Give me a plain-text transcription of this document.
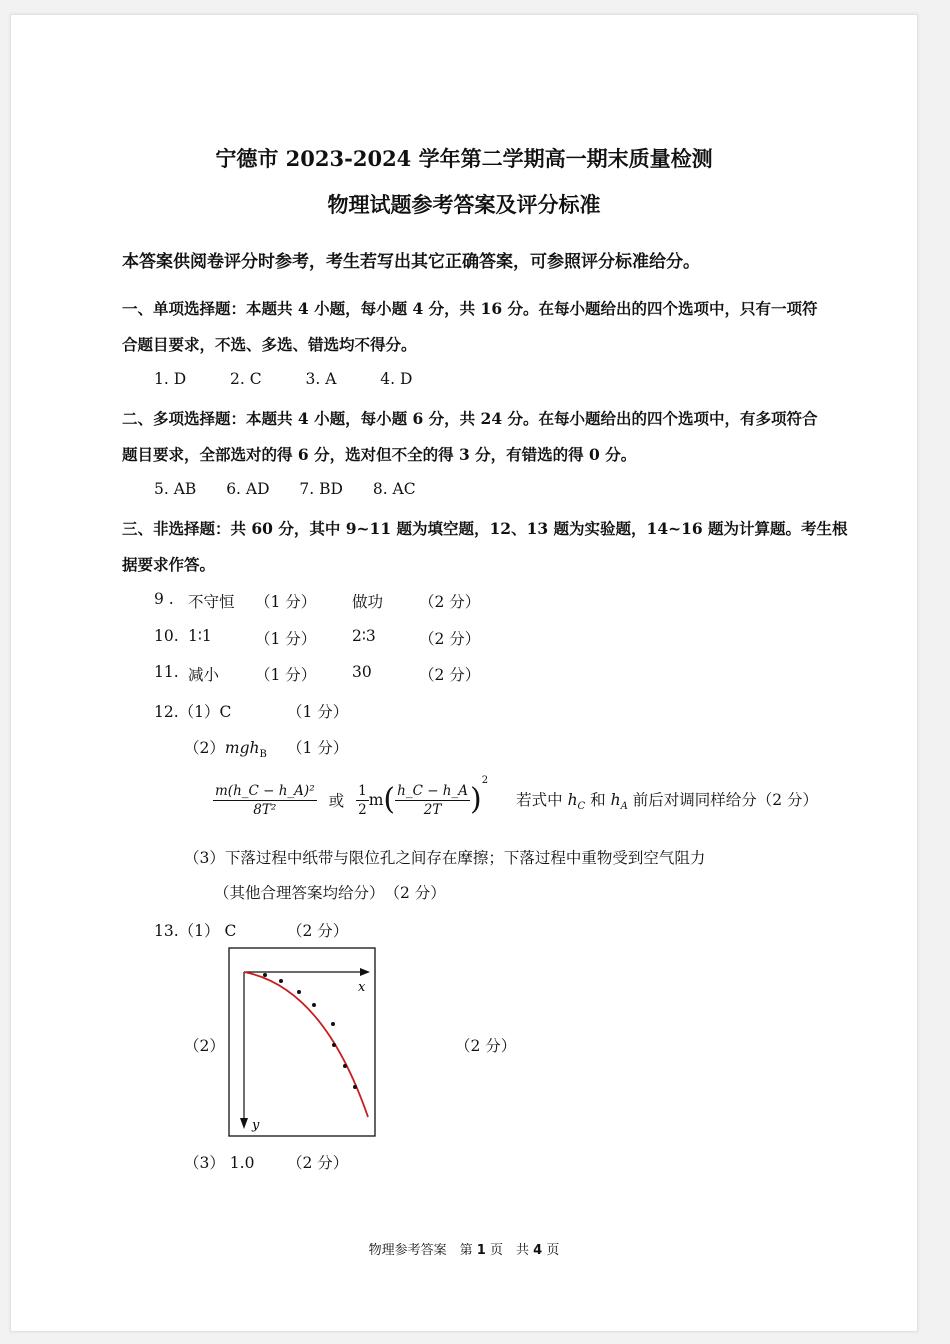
宁德市 2023-2024 学年第二学期高一期末质量检测
物理试题参考答案及评分标准
本答案供阅卷评分时参考，考生若写出其它正确答案，可参照评分标准给分。
一、单项选择题：本题共 4 小题，每小题 4 分，共 16 分。在每小题给出的四个选项中，只有一项符
合题目要求，不选、多选、错选均不得分。
1. D	2. C	3. A	4. D
二、多项选择题：本题共 4 小题，每小题 6 分，共 24 分。在每小题给出的四个选项中，有多项符合
题目要求，全部选对的得 6 分，选对但不全的得 3 分，有错选的得 0 分。
5. AB 6. AD 7. BD 8. AC
三、非选择题：共 60 分，其中 9~11 题为填空题，12、13 题为实验题，14~16 题为计算题。考生根
据要求作答。
9 . 不守恒 （1 分） 做功 （2 分）
10. 1∶1	（1 分） 2∶3	（2 分）
11. 减小 （1 分） 30	（2 分）
12.（1）C	（1 分）
（2）mgh$_B$ （1 分）
$\frac{\text{m(h\_C − h\_A)²}}{\text{8T²}}$ 或 $\frac{1}{2}$ m ( $\frac{h\_C - h\_A}{2T}$ )
$^2$
若式中 $h_C$ 和 $h_A$ 前后对调同样给分（2 分）
（3）下落过程中纸带与限位孔之间存在摩擦；下落过程中重物受到空气阻力
（其他合理答案均给分）　（2 分）
13.（1） C	（2 分）
（2）
x
y
（2 分）
（3） 1.0 （2 分）
物理参考答案　第 1 页　共 4 页
